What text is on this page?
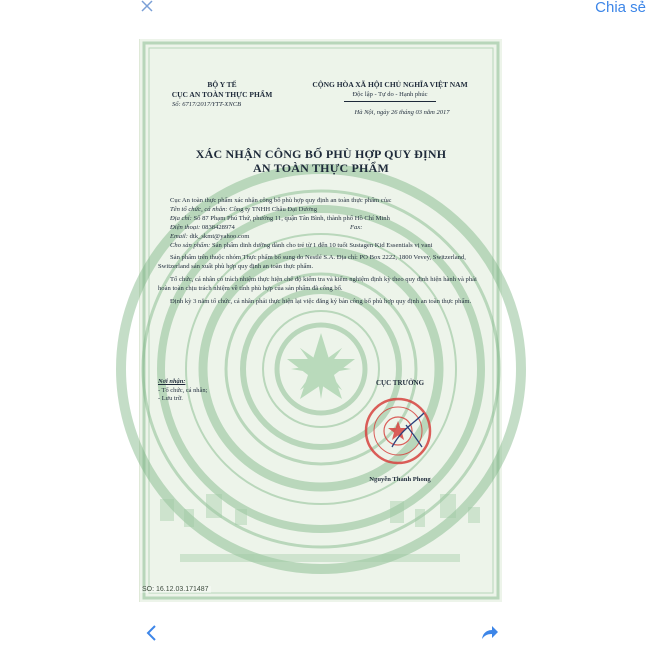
Chia sẻ
BỘ Y TẾ
CỤC AN TOÀN THỰC PHẨM
Số: 6717/2017/YTT-XNCB
CỘNG HÒA XÃ HỘI CHỦ NGHĨA VIỆT NAM
Độc lập - Tự do - Hạnh phúc
Hà Nội, ngày 26 tháng 03 năm 2017
XÁC NHẬN CÔNG BỐ PHÙ HỢP QUY ĐỊNH
AN TOÀN THỰC PHẨM

Cục An toàn thực phẩm xác nhận công bố phù hợp quy định an toàn thực phẩm của:

Tên tổ chức, cá nhân: Công ty TNHH Châu Đại Dương

Địa chỉ: Số 87 Phạm Phú Thứ, phường 11, quận Tân Bình, thành phố Hồ Chí Minh

Điện thoại: 0838428974	Fax:

Email: dtk_skmt@yahoo.com

Cho sản phẩm: Sản phẩm dinh dưỡng dành cho trẻ từ 1 đến 10 tuổi Sustagen Kid Essentials vị vani

Sản phẩm trên thuộc nhóm Thực phẩm bổ sung do Nestlé S.A. Địa chỉ: PO Box 2222, 1800 Vevey, Switzerland, Switzerland sản xuất phù hợp quy định an toàn thực phẩm.

Tổ chức, cá nhân có trách nhiệm thực hiện chế độ kiểm tra và kiểm nghiệm định kỳ theo quy định hiện hành và phải hoàn toàn chịu trách nhiệm về tính phù hợp của sản phẩm đã công bố.

Định kỳ 3 năm tổ chức, cá nhân phải thực hiện lại việc đăng ký bản công bố phù hợp quy định an toàn thực phẩm.

Nơi nhận:
- Tổ chức, cá nhân;
- Lưu trữ.
CỤC TRƯỞNG
Nguyễn Thanh Phong
SO: 16.12.03.171487
